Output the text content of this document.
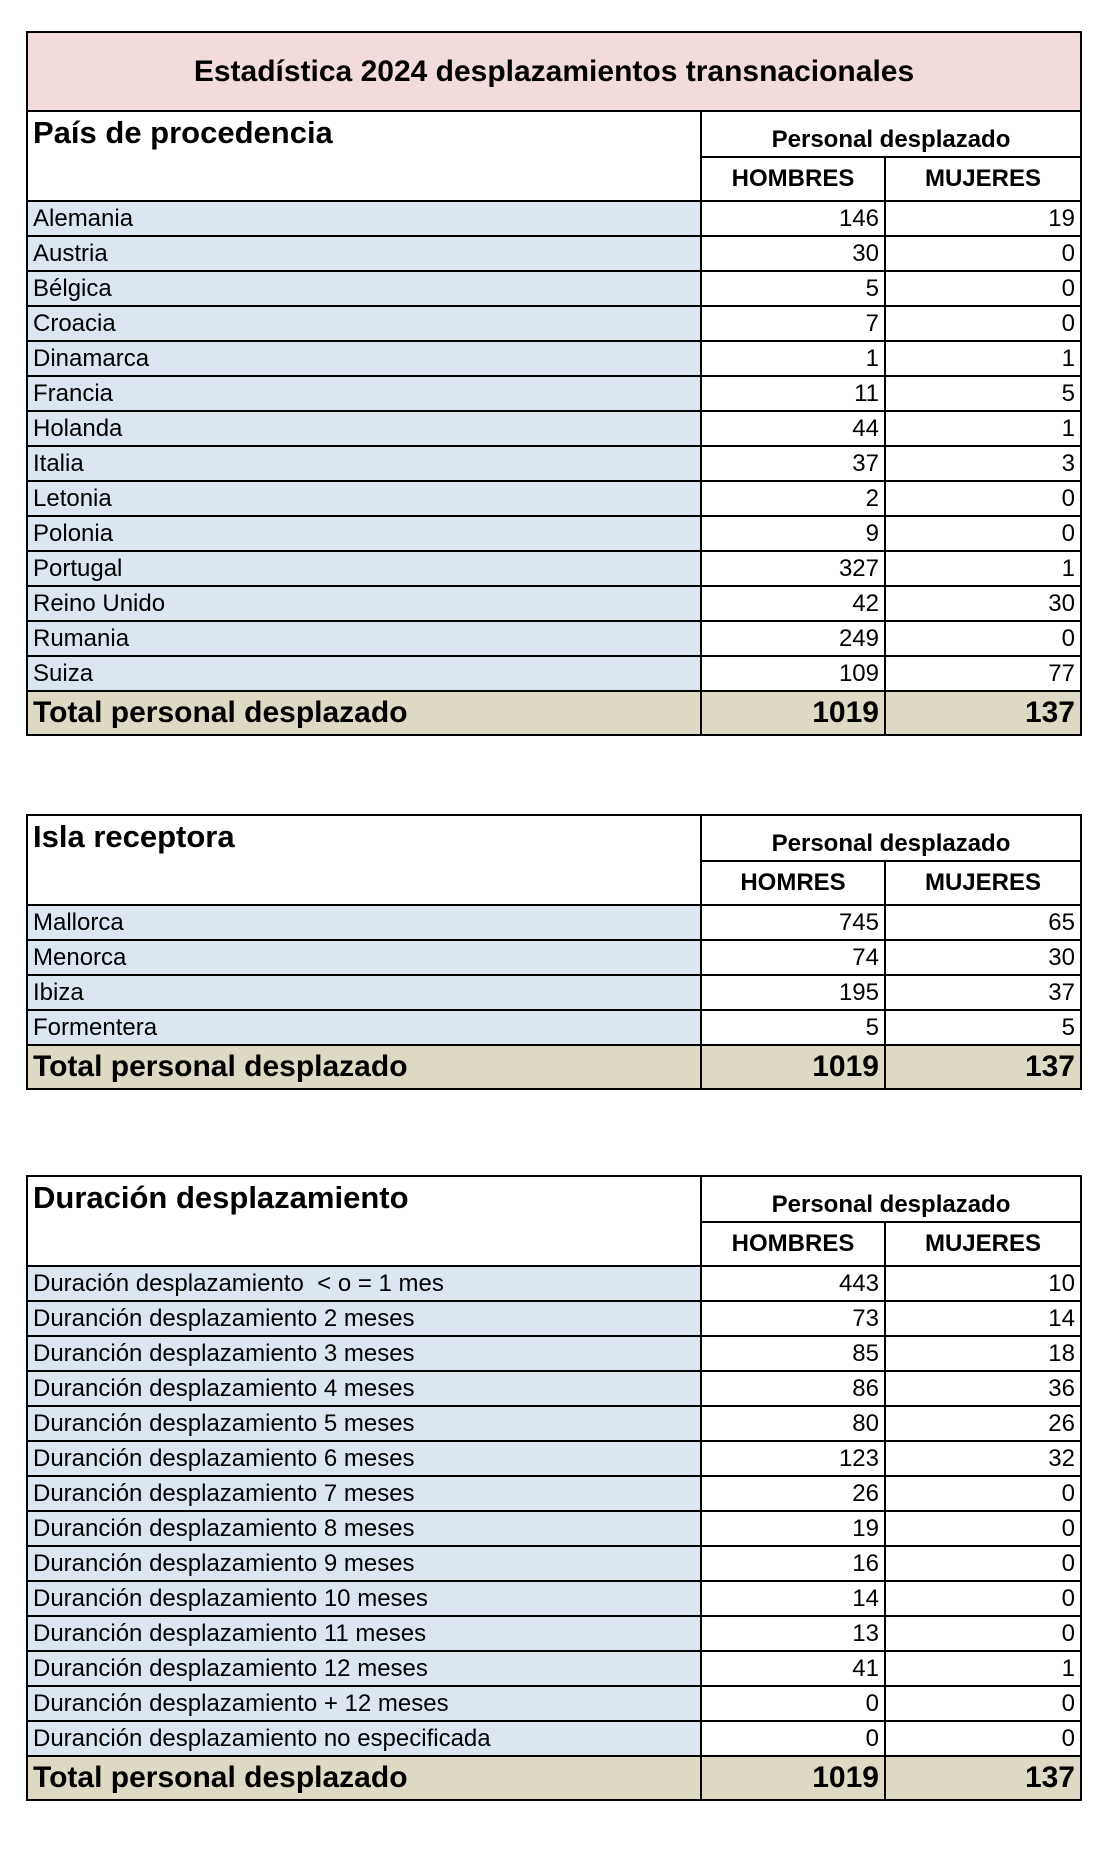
Estadística 2024 desplazamientos transnacionales		
País de procedencia	Personal desplazado	
	HOMBRES	MUJERES
Alemania	146	19
Austria	30	0
Bélgica	5	0
Croacia	7	0
Dinamarca	1	1
Francia	11	5
Holanda	44	1
Italia	37	3
Letonia	2	0
Polonia	9	0
Portugal	327	1
Reino Unido	42	30
Rumania	249	0
Suiza	109	77
Total personal desplazado	1019	137
Isla receptora	Personal desplazado	
	HOMRES	MUJERES
Mallorca	745	65
Menorca	74	30
Ibiza	195	37
Formentera	5	5
Total personal desplazado	1019	137
Duración desplazamiento	Personal desplazado	
	HOMBRES	MUJERES
Duración desplazamiento  < o = 1 mes	443	10
Duranción desplazamiento 2 meses	73	14
Duranción desplazamiento 3 meses	85	18
Duranción desplazamiento 4 meses	86	36
Duranción desplazamiento 5 meses	80	26
Duranción desplazamiento 6 meses	123	32
Duranción desplazamiento 7 meses	26	0
Duranción desplazamiento 8 meses	19	0
Duranción desplazamiento 9 meses	16	0
Duranción desplazamiento 10 meses	14	0
Duranción desplazamiento 11 meses	13	0
Duranción desplazamiento 12 meses	41	1
Duranción desplazamiento + 12 meses	0	0
Duranción desplazamiento no especificada	0	0
Total personal desplazado	1019	137
